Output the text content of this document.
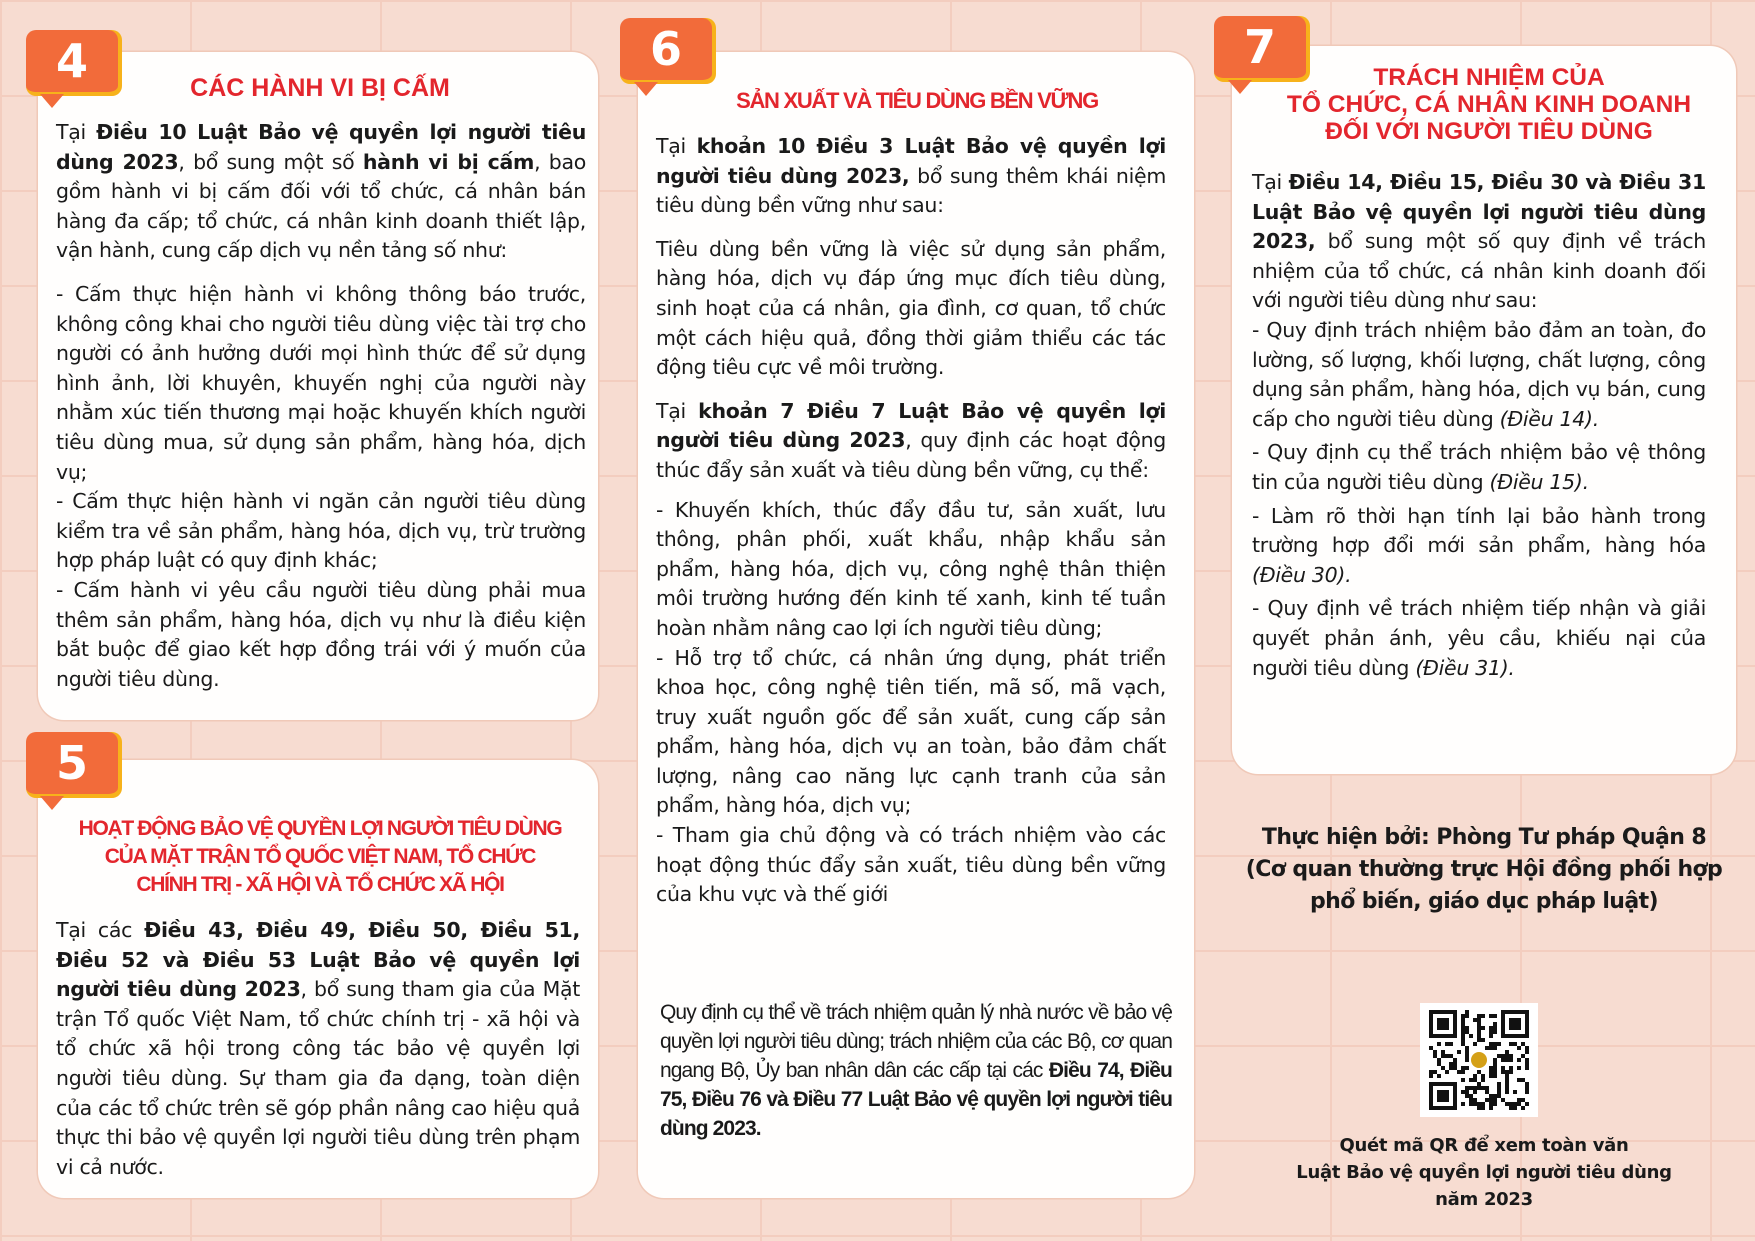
4	CÁC HÀNH VI BỊ CẤM

Tại Điều 10 Luật Bảo vệ quyền lợi người tiêu dùng 2023, bổ sung một số hành vi bị cấm, bao gồm hành vi bị cấm đối với tổ chức, cá nhân bán hàng đa cấp; tổ chức, cá nhân kinh doanh thiết lập, vận hành, cung cấp dịch vụ nền tảng số như:

- Cấm thực hiện hành vi không thông báo trước, không công khai cho người tiêu dùng việc tài trợ cho người có ảnh hưởng dưới mọi hình thức để sử dụng hình ảnh, lời khuyên, khuyến nghị của người này nhằm xúc tiến thương mại hoặc khuyến khích người tiêu dùng mua, sử dụng sản phẩm, hàng hóa, dịch vụ;

- Cấm thực hiện hành vi ngăn cản người tiêu dùng kiểm tra về sản phẩm, hàng hóa, dịch vụ, trừ trường hợp pháp luật có quy định khác;

- Cấm hành vi yêu cầu người tiêu dùng phải mua thêm sản phẩm, hàng hóa, dịch vụ như là điều kiện bắt buộc để giao kết hợp đồng trái với ý muốn của người tiêu dùng.

5
HOẠT ĐỘNG BẢO VỆ QUYỀN LỢI NGƯỜI TIÊU DÙNG
CỦA MẶT TRẬN TỔ QUỐC VIỆT NAM, TỔ CHỨC
CHÍNH TRỊ - XÃ HỘI VÀ TỔ CHỨC XÃ HỘI

Tại các Điều 43, Điều 49, Điều 50, Điều 51, Điều 52 và Điều 53 Luật Bảo vệ quyền lợi người tiêu dùng 2023, bổ sung tham gia của Mặt trận Tổ quốc Việt Nam, tổ chức chính trị - xã hội và tổ chức xã hội trong công tác bảo vệ quyền lợi người tiêu dùng. Sự tham gia đa dạng, toàn diện của các tổ chức trên sẽ góp phần nâng cao hiệu quả thực thi bảo vệ quyền lợi người tiêu dùng trên phạm vi cả nước.

6
SẢN XUẤT VÀ TIÊU DÙNG BỀN VỮNG

Tại khoản 10 Điều 3 Luật Bảo vệ quyền lợi người tiêu dùng 2023, bổ sung thêm khái niệm tiêu dùng bền vững như sau:

Tiêu dùng bền vững là việc sử dụng sản phẩm, hàng hóa, dịch vụ đáp ứng mục đích tiêu dùng, sinh hoạt của cá nhân, gia đình, cơ quan, tổ chức một cách hiệu quả, đồng thời giảm thiểu các tác động tiêu cực về môi trường.

Tại khoản 7 Điều 7 Luật Bảo vệ quyền lợi người tiêu dùng 2023, quy định các hoạt động thúc đẩy sản xuất và tiêu dùng bền vững, cụ thể:

- Khuyến khích, thúc đẩy đầu tư, sản xuất, lưu thông, phân phối, xuất khẩu, nhập khẩu sản phẩm, hàng hóa, dịch vụ, công nghệ thân thiện môi trường hướng đến kinh tế xanh, kinh tế tuần hoàn nhằm nâng cao lợi ích người tiêu dùng;

- Hỗ trợ tổ chức, cá nhân ứng dụng, phát triển khoa học, công nghệ tiên tiến, mã số, mã vạch, truy xuất nguồn gốc để sản xuất, cung cấp sản phẩm, hàng hóa, dịch vụ an toàn, bảo đảm chất lượng, nâng cao năng lực cạnh tranh của sản phẩm, hàng hóa, dịch vụ;

- Tham gia chủ động và có trách nhiệm vào các hoạt động thúc đẩy sản xuất, tiêu dùng bền vững của khu vực và thế giới

Quy định cụ thể về trách nhiệm quản lý nhà nước về bảo vệ quyền lợi người tiêu dùng; trách nhiệm của các Bộ, cơ quan ngang Bộ, Ủy ban nhân dân các cấp tại các Điều 74, Điều 75, Điều 76 và Điều 77 Luật Bảo vệ quyền lợi người tiêu dùng 2023.

7
TRÁCH NHIỆM CỦA
TỔ CHỨC, CÁ NHÂN KINH DOANH
ĐỐI VỚI NGƯỜI TIÊU DÙNG

Tại Điều 14, Điều 15, Điều 30 và Điều 31 Luật Bảo vệ quyền lợi người tiêu dùng 2023, bổ sung một số quy định về trách nhiệm của tổ chức, cá nhân kinh doanh đối với người tiêu dùng như sau:

- Quy định trách nhiệm bảo đảm an toàn, đo lường, số lượng, khối lượng, chất lượng, công dụng sản phẩm, hàng hóa, dịch vụ bán, cung cấp cho người tiêu dùng (Điều 14).

- Quy định cụ thể trách nhiệm bảo vệ thông tin của người tiêu dùng (Điều 15).

- Làm rõ thời hạn tính lại bảo hành trong trường hợp đổi mới sản phẩm, hàng hóa (Điều 30).

- Quy định về trách nhiệm tiếp nhận và giải quyết phản ánh, yêu cầu, khiếu nại của người tiêu dùng (Điều 31).

Thực hiện bởi: Phòng Tư pháp Quận 8
(Cơ quan thường trực Hội đồng phối hợp
phổ biến, giáo dục pháp luật)
Quét mã QR để xem toàn văn
Luật Bảo vệ quyền lợi người tiêu dùng
năm 2023
